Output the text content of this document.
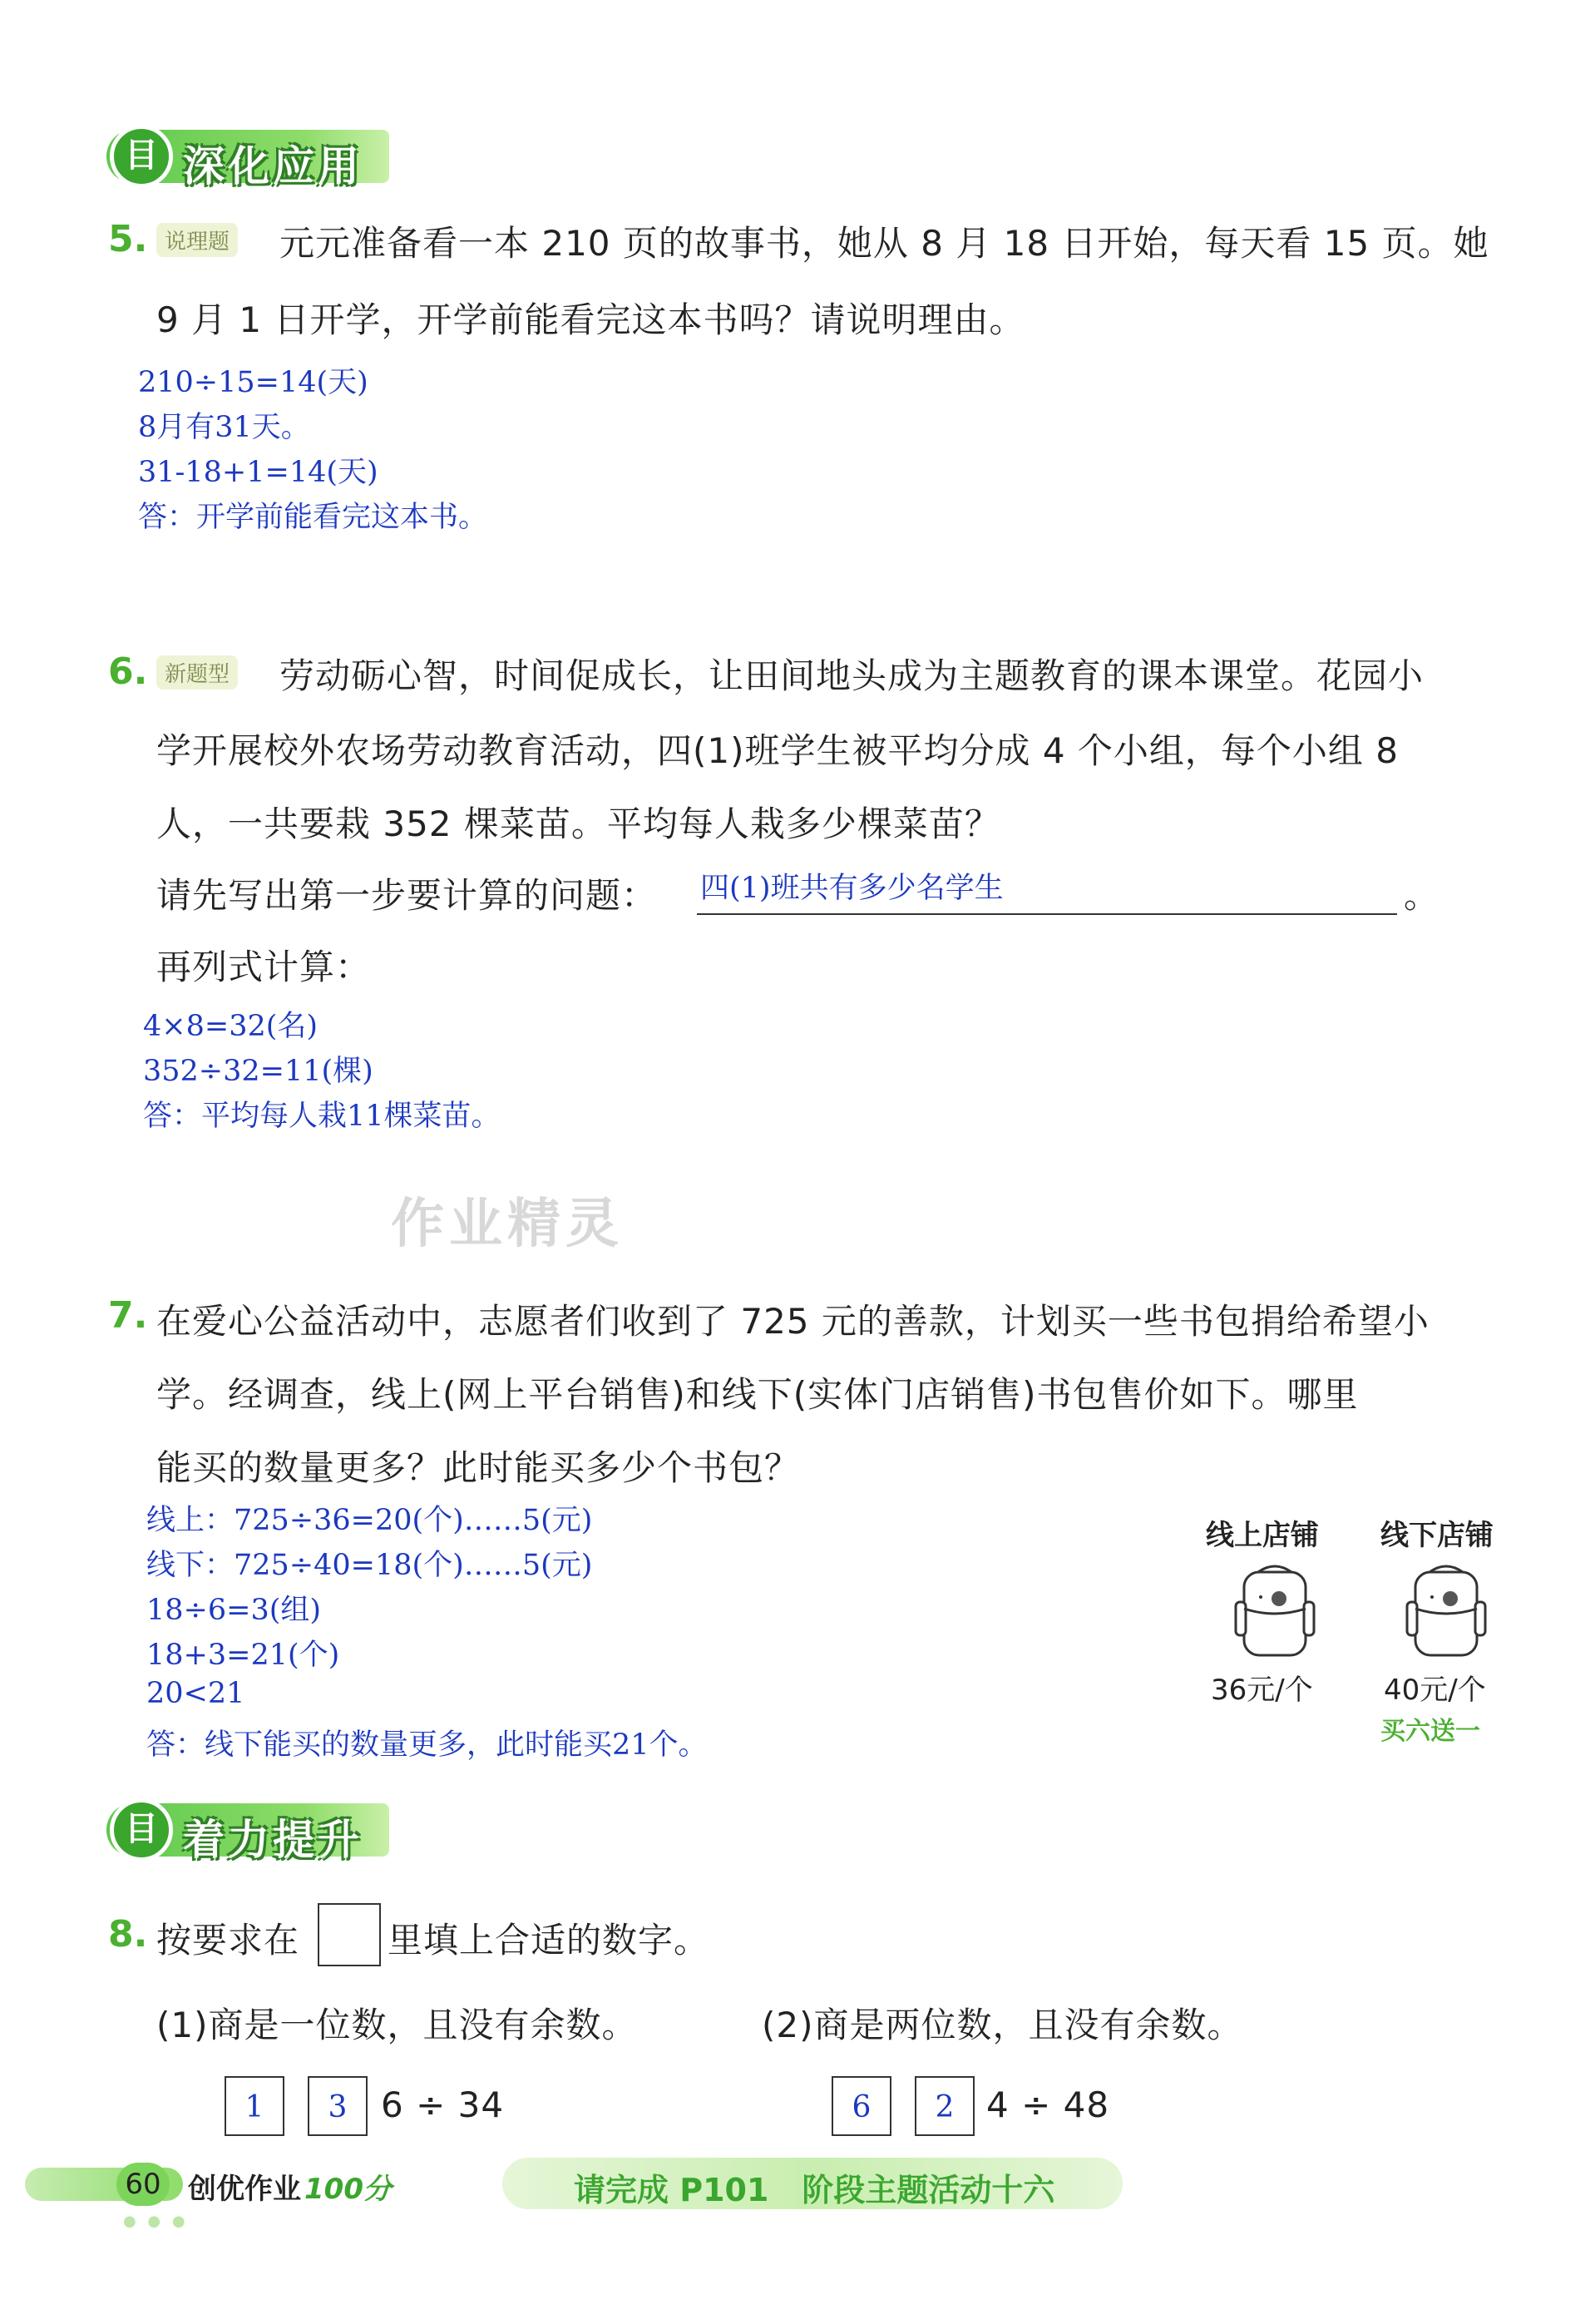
目 深化应用
5. 说理题 元元准备看一本 210 页的故事书，她从 8 月 18 日开始，每天看 15 页。她
9 月 1 日开学，开学前能看完这本书吗？请说明理由。
210÷15=14(天)
8月有31天。
31-18+1=14(天)
答：开学前能看完这本书。
6. 新题型 劳动砺心智，时间促成长，让田间地头成为主题教育的课本课堂。花园小
学开展校外农场劳动教育活动，四(1)班学生被平均分成 4 个小组，每个小组 8
人，一共要栽 352 棵菜苗。平均每人栽多少棵菜苗？
请先写出第一步要计算的问题： 四(1)班共有多少名学生	。
再列式计算：
4×8=32(名)
352÷32=11(棵)
答：平均每人栽11棵菜苗。
作业精灵
7. 在爱心公益活动中，志愿者们收到了 725 元的善款，计划买一些书包捐给希望小
学。经调查，线上(网上平台销售)和线下(实体门店销售)书包售价如下。哪里
能买的数量更多？此时能买多少个书包？
线上：725÷36=20(个)……5(元)
线下：725÷40=18(个)……5(元)
18÷6=3(组)
18+3=21(个)
20<21
答：线下能买的数量更多，此时能买21个。
线上店铺 线下店铺
36元/个	40元/个
买六送一
目 着力提升
8. 按要求在	里填上合适的数字。
(1)商是一位数，且没有余数。	(2)商是两位数，且没有余数。
1	3 6 ÷ 34	6	2 4 ÷ 48
60 创优作业 100分
● ● ●
请完成 P101 阶段主题活动十六
